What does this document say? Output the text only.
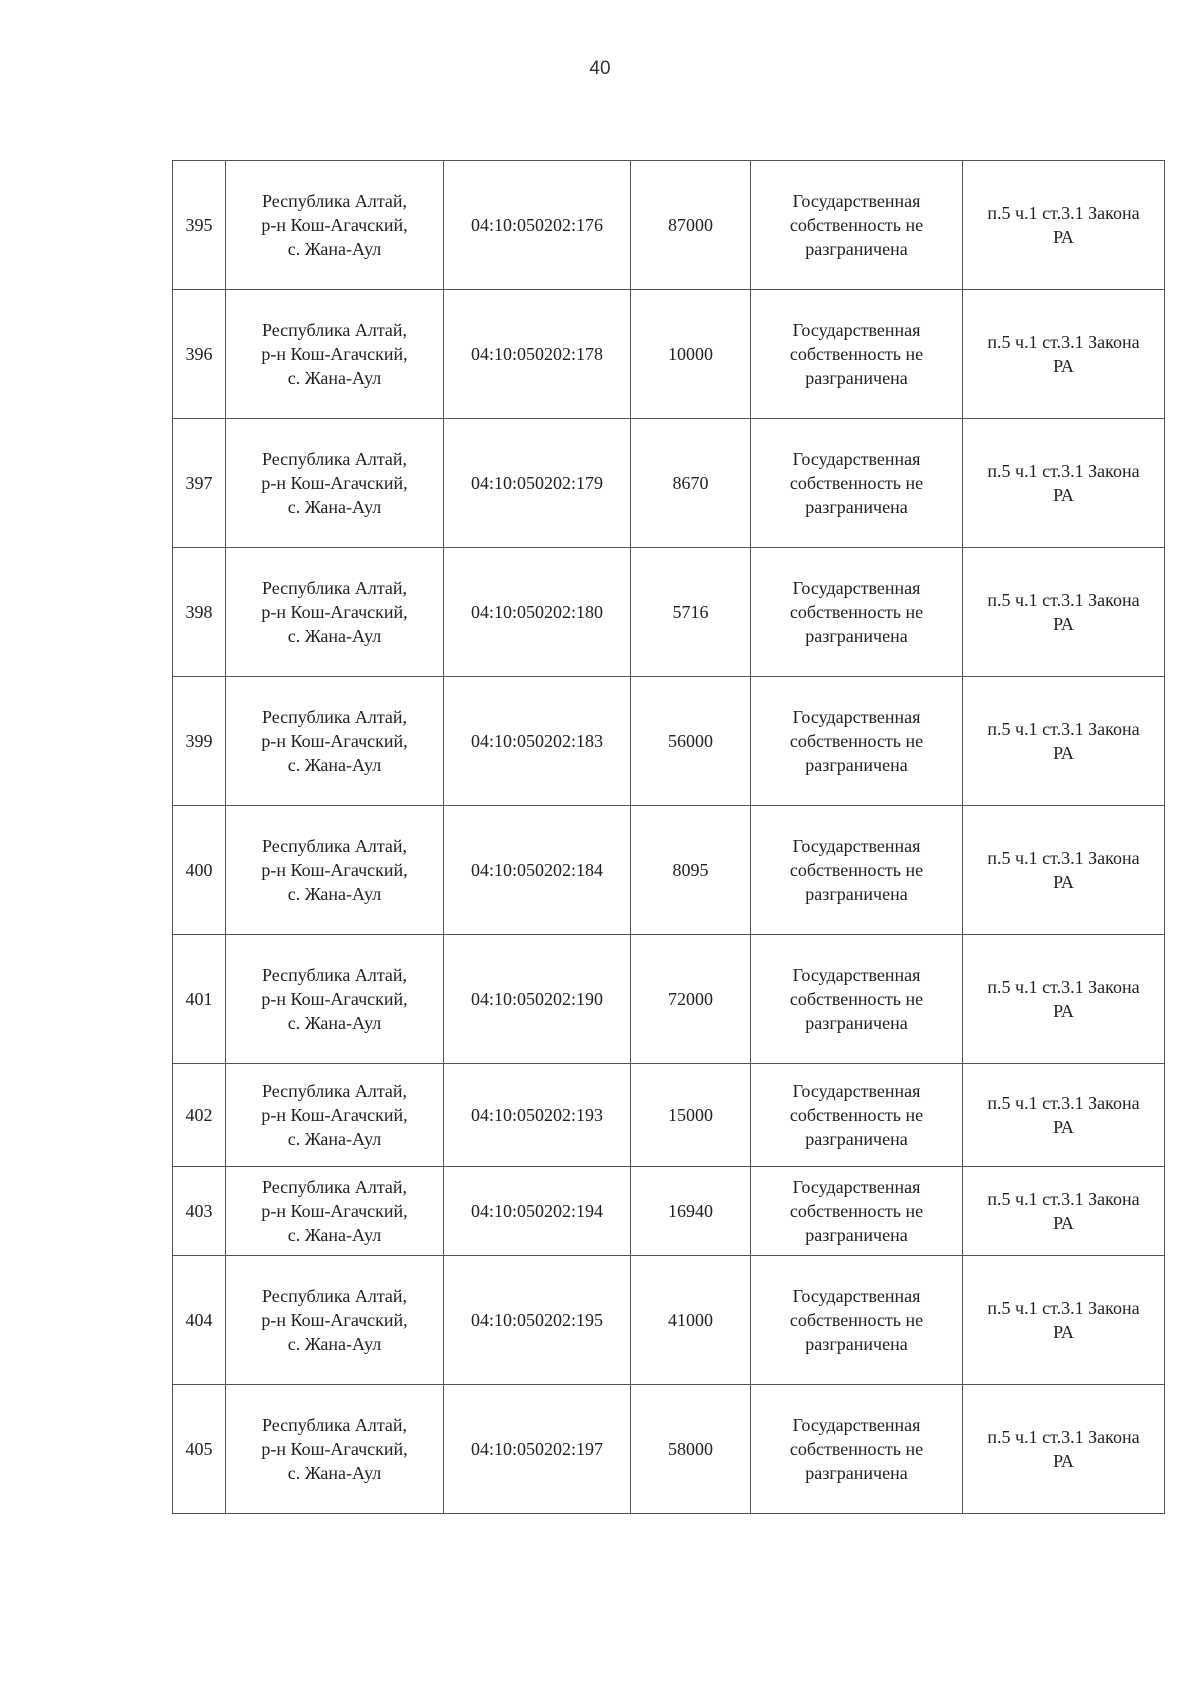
40
395	Республика Алтай,
р-н Кош-Агачский,
с. Жана-Аул	04:10:050202:176	87000	Государственная
собственность не
разграничена	п.5 ч.1 ст.3.1 Закона
РА

396	Республика Алтай,
р-н Кош-Агачский,
с. Жана-Аул	04:10:050202:178	10000	Государственная
собственность не
разграничена	п.5 ч.1 ст.3.1 Закона
РА

397	Республика Алтай,
р-н Кош-Агачский,
с. Жана-Аул	04:10:050202:179	8670	Государственная
собственность не
разграничена	п.5 ч.1 ст.3.1 Закона
РА

398	Республика Алтай,
р-н Кош-Агачский,
с. Жана-Аул	04:10:050202:180	5716	Государственная
собственность не
разграничена	п.5 ч.1 ст.3.1 Закона
РА

399	Республика Алтай,
р-н Кош-Агачский,
с. Жана-Аул	04:10:050202:183	56000	Государственная
собственность не
разграничена	п.5 ч.1 ст.3.1 Закона
РА

400	Республика Алтай,
р-н Кош-Агачский,
с. Жана-Аул	04:10:050202:184	8095	Государственная
собственность не
разграничена	п.5 ч.1 ст.3.1 Закона
РА

401	Республика Алтай,
р-н Кош-Агачский,
с. Жана-Аул	04:10:050202:190	72000	Государственная
собственность не
разграничена	п.5 ч.1 ст.3.1 Закона
РА

402	Республика Алтай,
р-н Кош-Агачский,
с. Жана-Аул	04:10:050202:193	15000	Государственная
собственность не
разграничена	п.5 ч.1 ст.3.1 Закона
РА

403	Республика Алтай,
р-н Кош-Агачский,
с. Жана-Аул	04:10:050202:194	16940	Государственная
собственность не
разграничена	п.5 ч.1 ст.3.1 Закона
РА

404	Республика Алтай,
р-н Кош-Агачский,
с. Жана-Аул	04:10:050202:195	41000	Государственная
собственность не
разграничена	п.5 ч.1 ст.3.1 Закона
РА

405	Республика Алтай,
р-н Кош-Агачский,
с. Жана-Аул	04:10:050202:197	58000	Государственная
собственность не
разграничена	п.5 ч.1 ст.3.1 Закона
РА
